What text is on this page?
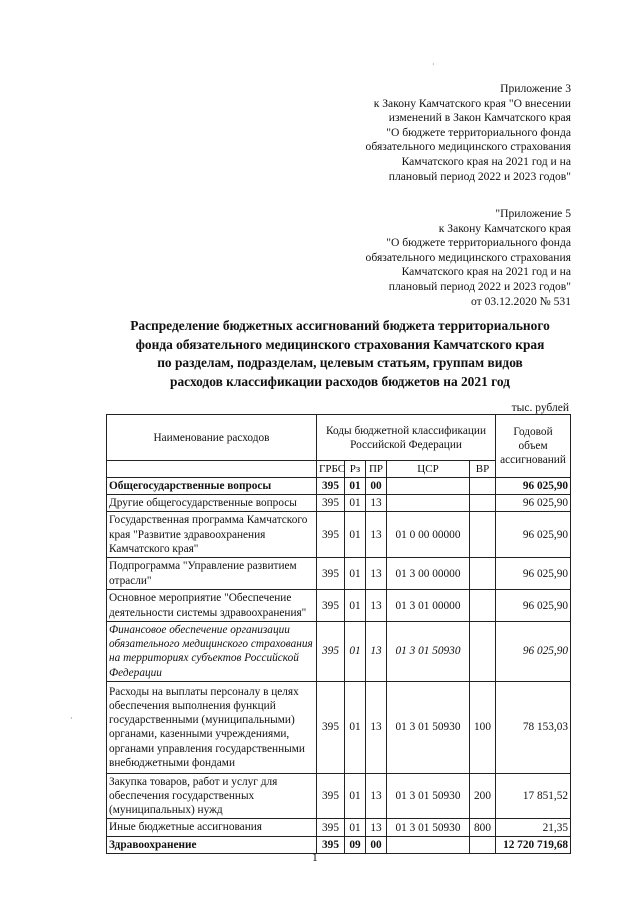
Приложение 3
к Закону Камчатского края "О внесении
изменений в Закон Камчатского края
"О бюджете территориального фонда
обязательного медицинского страхования
Камчатского края на 2021 год и на
плановый период 2022 и 2023 годов"
"Приложение 5
к Закону Камчатского края
"О бюджете территориального фонда
обязательного медицинского страхования
Камчатского края на 2021 год и на
плановый период 2022 и 2023 годов"
от 03.12.2020 № 531
Распределение бюджетных ассигнований бюджета территориального
фонда обязательного медицинского страхования Камчатского края
по разделам, подразделам, целевым статьям, группам видов
расходов классификации расходов бюджетов на 2021 год
тыс. рублей
Наименование расходов	Коды бюджетной классификации Российской Федерации					Годовой объем ассигнований
	ГРБС	Рз	ПР	ЦСР	ВР	
Общегосударственные вопросы	395	01	00			96 025,90
Другие общегосударственные вопросы	395	01	13			96 025,90
Государственная программа Камчатского края "Развитие здравоохранения Камчатского края"	395	01	13	01 0 00 00000		96 025,90
Подпрограмма "Управление развитием отрасли"	395	01	13	01 3 00 00000		96 025,90
Основное мероприятие "Обеспечение деятельности системы здравоохранения"	395	01	13	01 3 01 00000		96 025,90
Финансовое обеспечение организации обязательного медицинского страхования на территориях субъектов Российской Федерации	395	01	13	01 3 01 50930		96 025,90
Расходы на выплаты персоналу в целях обеспечения выполнения функций государственными (муниципальными) органами, казенными учреждениями, органами управления государственными внебюджетными фондами	395	01	13	01 3 01 50930	100	78 153,03
Закупка товаров, работ и услуг для обеспечения государственных (муниципальных) нужд	395	01	13	01 3 01 50930	200	17 851,52
Иные бюджетные ассигнования	395	01	13	01 3 01 50930	800	21,35
Здравоохранение	395	09	00			12 720 719,68
1
·
·
